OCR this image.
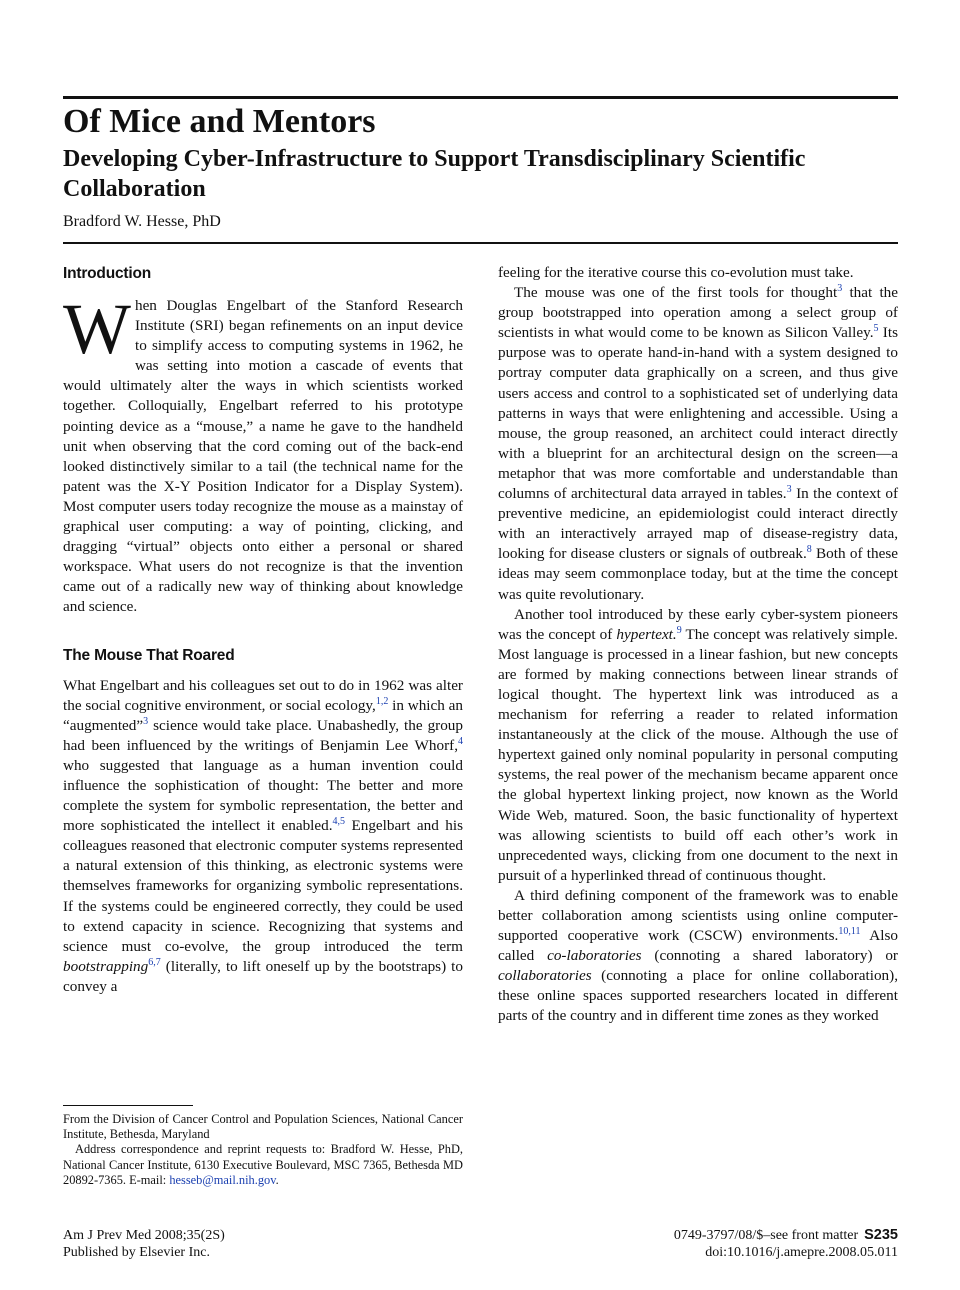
Of Mice and Mentors
Developing Cyber-Infrastructure to Support Transdisciplinary Scientific Collaboration
Bradford W. Hesse, PhD
Introduction

When Douglas Engelbart of the Stanford Research Institute (SRI) began refinements on an input device to simplify access to computing systems in 1962, he was setting into motion a cascade of events that would ultimately alter the ways in which scientists worked together. Colloquially, Engelbart referred to his prototype pointing device as a “mouse,” a name he gave to the handheld unit when observing that the cord coming out of the back-end looked distinctively similar to a tail (the technical name for the patent was the X-Y Position Indicator for a Display System). Most computer users today recognize the mouse as a mainstay of graphical user computing: a way of pointing, clicking, and dragging “virtual” objects onto either a personal or shared workspace. What users do not recognize is that the invention came out of a radically new way of thinking about knowledge and science.

The Mouse That Roared

What Engelbart and his colleagues set out to do in 1962 was alter the social cognitive environment, or social ecology,$^{1,2}$ in which an “augmented”$^3$ science would take place. Unabashedly, the group had been influenced by the writings of Benjamin Lee Whorf,$^4$ who suggested that language as a human invention could influence the sophistication of thought: The better and more complete the system for symbolic representation, the better and more sophisticated the intellect it enabled.$^{4,5}$ Engelbart and his colleagues reasoned that electronic computer systems represented a natural extension of this thinking, as electronic systems were themselves frameworks for organizing symbolic representations. If the systems could be engineered correctly, they could be used to extend capacity in science. Recognizing that systems and science must co-evolve, the group introduced the term bootstrapping$^{6,7}$ (literally, to lift oneself up by the bootstraps) to convey a

feeling for the iterative course this co-evolution must take.

The mouse was one of the first tools for thought$^3$ that the group bootstrapped into operation among a select group of scientists in what would come to be known as Silicon Valley.$^5$ Its purpose was to operate hand-in-hand with a system designed to portray computer data graphically on a screen, and thus give users access and control to a sophisticated set of underlying data patterns in ways that were enlightening and accessible. Using a mouse, the group reasoned, an architect could interact directly with a blueprint for an architectural design on the screen—a metaphor that was more comfortable and understandable than columns of architectural data arrayed in tables.$^3$ In the context of preventive medicine, an epidemiologist could interact directly with an interactively arrayed map of disease-registry data, looking for disease clusters or signals of outbreak.$^8$ Both of these ideas may seem commonplace today, but at the time the concept was quite revolutionary.

Another tool introduced by these early cyber-system pioneers was the concept of hypertext.$^9$ The concept was relatively simple. Most language is processed in a linear fashion, but new concepts are formed by making connections between linear strands of logical thought. The hypertext link was introduced as a mechanism for referring a reader to related information instantaneously at the click of the mouse. Although the use of hypertext gained only nominal popularity in personal computing systems, the real power of the mechanism became apparent once the global hypertext linking project, now known as the World Wide Web, matured. Soon, the basic functionality of hypertext was allowing scientists to build off each other’s work in unprecedented ways, clicking from one document to the next in pursuit of a hyperlinked thread of continuous thought.

A third defining component of the framework was to enable better collaboration among scientists using online computer-supported cooperative work (CSCW) environments.$^{10,11}$ Also called co-laboratories (connoting a shared laboratory) or collaboratories (connoting a place for online collaboration), these online spaces supported researchers located in different parts of the country and in different time zones as they worked

From the Division of Cancer Control and Population Sciences, National Cancer Institute, Bethesda, Maryland

Address correspondence and reprint requests to: Bradford W. Hesse, PhD, National Cancer Institute, 6130 Executive Boulevard, MSC 7365, Bethesda MD 20892-7365. E-mail: hesseb@mail.nih.gov.

Am J Prev Med 2008;35(2S)
Published by Elsevier Inc.
0749-3797/08/$–see front matter S235
doi:10.1016/j.amepre.2008.05.011
